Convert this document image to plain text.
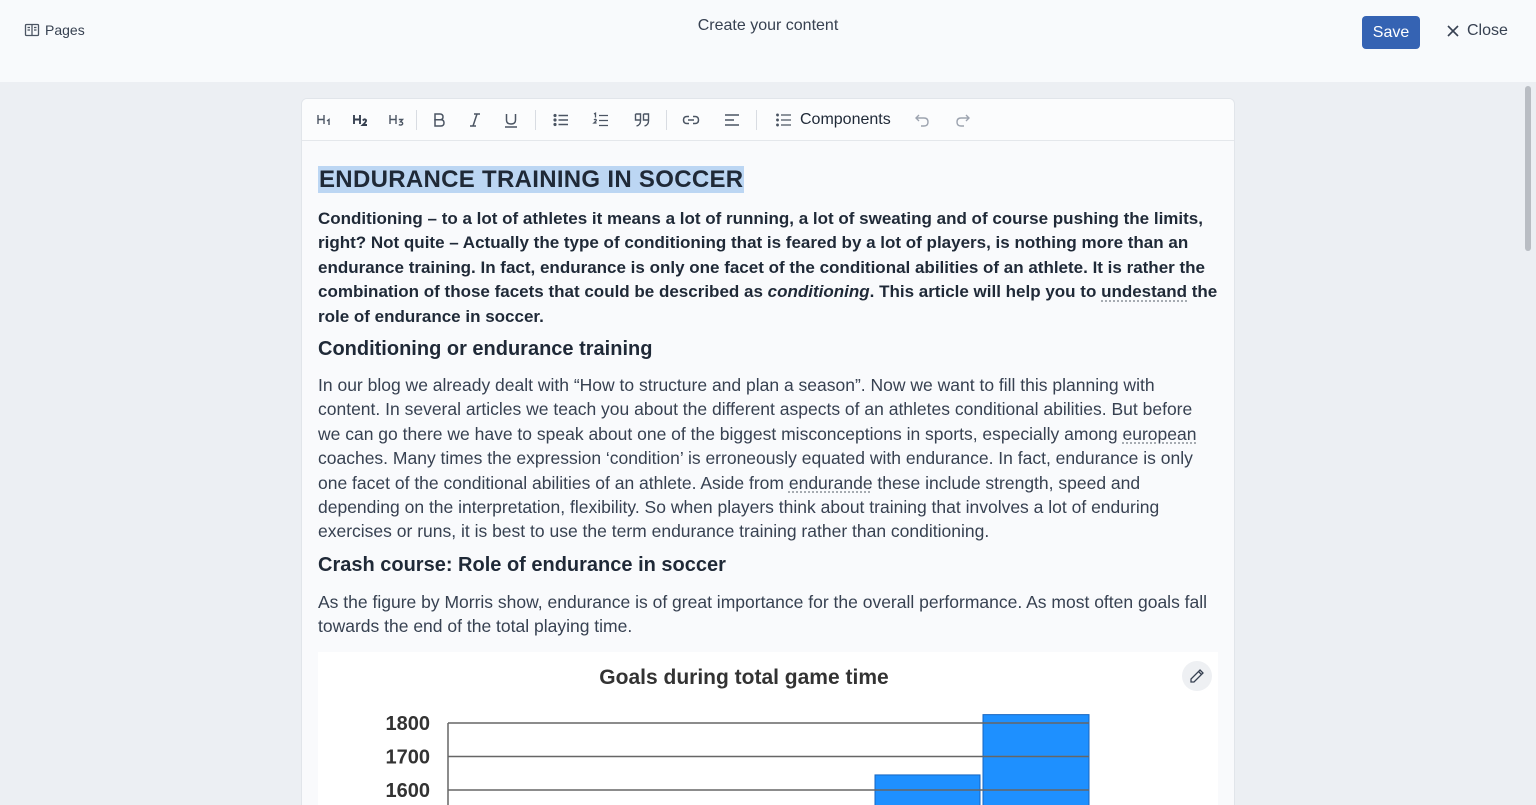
Pages	Create your content	Save	Close
Components
ENDURANCE TRAINING IN SOCCER
Conditioning – to a lot of athletes it means a lot of running, a lot of sweating and of course pushing the limits, right? Not quite – Actually the type of conditioning that is feared by a lot of players, is nothing more than an endurance training. In fact, endurance is only one facet of the conditional abilities of an athlete. It is rather the combination of those facets that could be described as conditioning. This article will help you to undestand the role of endurance in soccer.
Conditioning or endurance training
In our blog we already dealt with “How to structure and plan a season”. Now we want to fill this planning with content. In several articles we teach you about the different aspects of an athletes conditional abilities. But before we can go there we have to speak about one of the biggest misconceptions in sports, especially among european coaches. Many times the expression ‘condition’ is erroneously equated with endurance. In fact, endurance is only one facet of the conditional abilities of an athlete. Aside from endurande these include strength, speed and depending on the interpretation, flexibility. So when players think about training that involves a lot of enduring exercises or runs, it is best to use the term endurance training rather than conditioning.
Crash course: Role of endurance in soccer
As the figure by Morris show, endurance is of great importance for the overall performance. As most often goals fall towards the end of the total playing time.
Goals during total game time
1800
1700
1600
